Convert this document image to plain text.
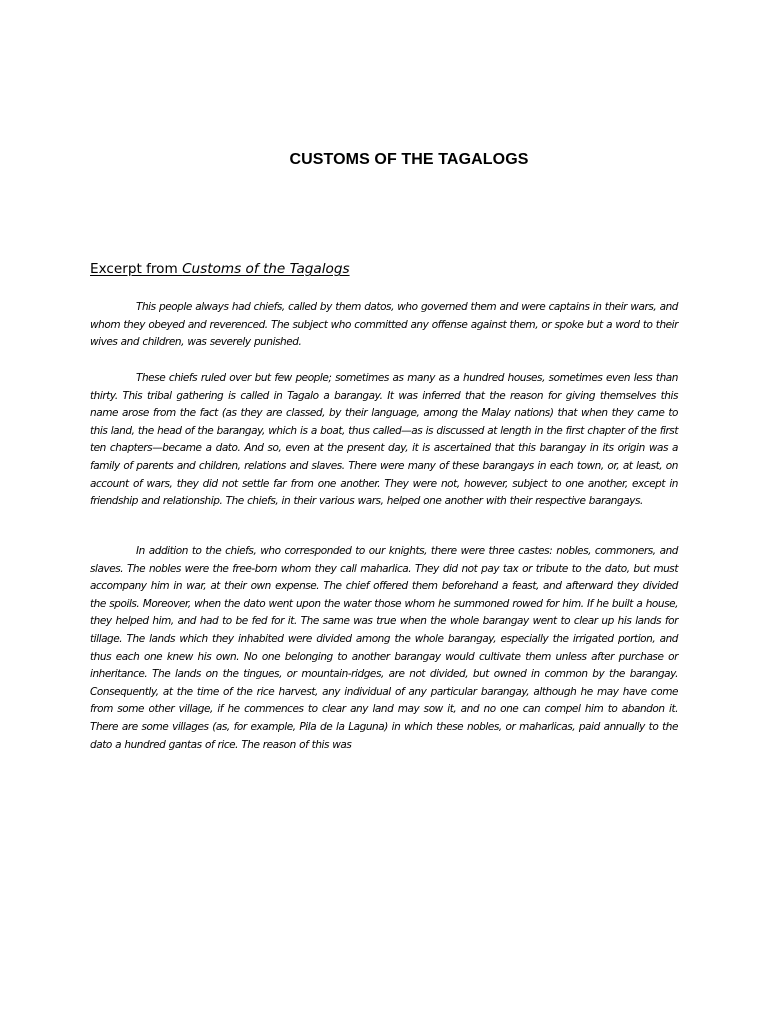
CUSTOMS OF THE TAGALOGS
Excerpt from Customs of the Tagalogs

This people always had chiefs, called by them datos, who governed them and were captains in their wars, and whom they obeyed and reverenced. The subject who committed any offense against them, or spoke but a word to their wives and children, was severely punished.

These chiefs ruled over but few people; sometimes as many as a hundred houses, sometimes even less than thirty. This tribal gathering is called in Tagalo a barangay. It was inferred that the reason for giving themselves this name arose from the fact (as they are classed, by their language, among the Malay nations) that when they came to this land, the head of the barangay, which is a boat, thus called—as is discussed at length in the first chapter of the first ten chapters—became a dato. And so, even at the present day, it is ascertained that this barangay in its origin was a family of parents and children, relations and slaves. There were many of these barangays in each town, or, at least, on account of wars, they did not settle far from one another. They were not, however, subject to one another, except in friendship and relationship. The chiefs, in their various wars, helped one another with their respective barangays.

In addition to the chiefs, who corresponded to our knights, there were three castes: nobles, commoners, and slaves. The nobles were the free-born whom they call maharlica. They did not pay tax or tribute to the dato, but must accompany him in war, at their own expense. The chief offered them beforehand a feast, and afterward they divided the spoils. Moreover, when the dato went upon the water those whom he summoned rowed for him. If he built a house, they helped him, and had to be fed for it. The same was true when the whole barangay went to clear up his lands for tillage. The lands which they inhabited were divided among the whole barangay, especially the irrigated portion, and thus each one knew his own. No one belonging to another barangay would cultivate them unless after purchase or inheritance. The lands on the tingues, or mountain-ridges, are not divided, but owned in common by the barangay. Consequently, at the time of the rice harvest, any individual of any particular barangay, although he may have come from some other village, if he commences to clear any land may sow it, and no one can compel him to abandon it. There are some villages (as, for example, Pila de la Laguna) in which these nobles, or maharlicas, paid annually to the dato a hundred gantas of rice. The reason of this was
